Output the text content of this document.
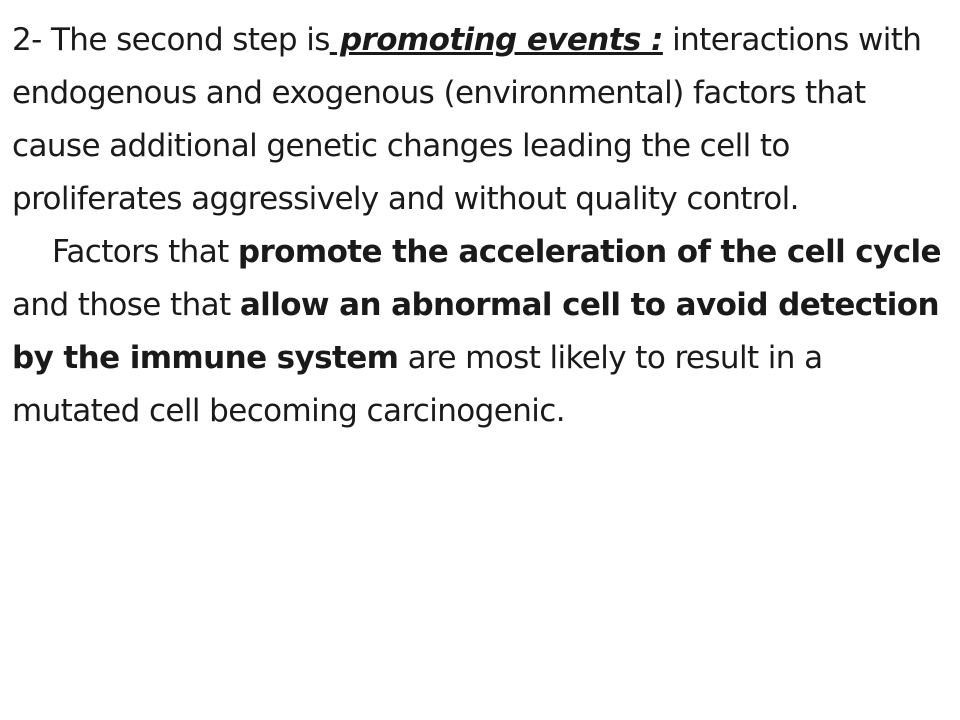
2- The second step is promoting events : interactions with endogenous and exogenous (environmental) factors that cause additional genetic changes leading the cell to proliferates aggressively and without quality control.

Factors that promote the acceleration of the cell cycle and those that allow an abnormal cell to avoid detection by the immune system are most likely to result in a mutated cell becoming carcinogenic.
